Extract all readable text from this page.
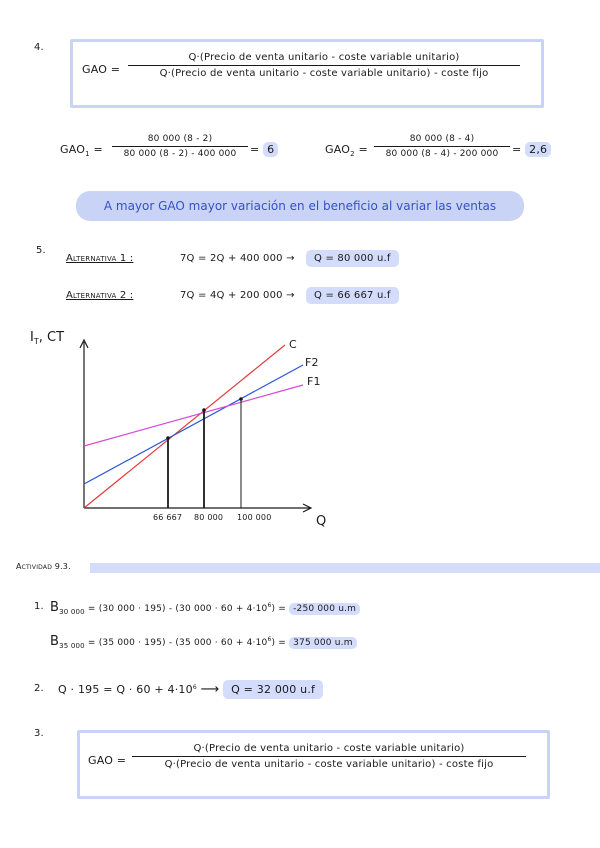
4.
GAO =
Q·(Precio de venta unitario - coste variable unitario)
Q·(Precio de venta unitario - coste variable unitario) - coste fijo
$GAO_1 = \frac{80 000 (8 - 2)}{80 000 (8 - 2) - 400 000} = 6$	$GAO_2 = \frac{80 000 (8 - 4)}{80 000 (8 - 4) - 200 000} = 2,6$
A mayor GAO mayor variación en el beneficio al variar las ventas
5.
Alternativa 1 :	7Q = 2Q + 400 000 →	Q = 80 000 u.f
Alternativa 2 :	7Q = 4Q + 200 000 →	Q = 66 667 u.f
$I_T$, CT
Q
C
F2
F1
66 667 80 000 100 000
Actividad 9.3.
1. $B_{30 000} = (30$ 000 · 195) - (30 $000 \cdot 60 + 4\cdot 10^6) = -250$ 000 u.m
$B_{35 000} = (35$ 000 · 195) - (35 $000 \cdot 60 + 4\cdot 10^6) = 375$ 000 u.m
2. $Q \cdot 195 = Q \cdot 60 + 4\cdot 10^6$ ⟶ Q = 32 000 u.f
3.
GAO =
Q·(Precio de venta unitario - coste variable unitario)
Q·(Precio de venta unitario - coste variable unitario) - coste fijo
